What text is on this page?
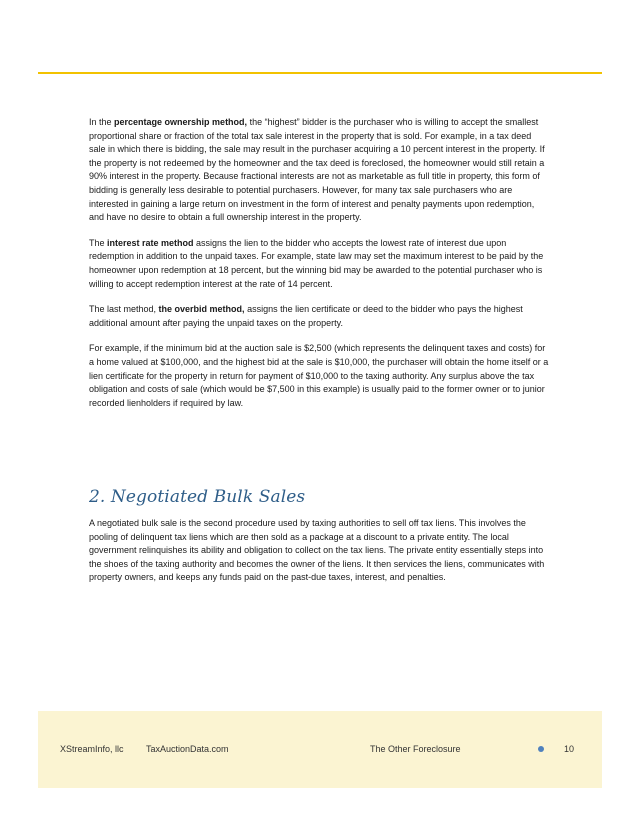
In the percentage ownership method, the “highest” bidder is the purchaser who is willing to accept the smallest proportional share or fraction of the total tax sale interest in the property that is sold. For example, in a tax deed sale in which there is bidding, the sale may result in the purchaser acquiring a 10 percent interest in the property. If the property is not redeemed by the homeowner and the tax deed is foreclosed, the homeowner would still retain a 90% interest in the property. Because fractional interests are not as marketable as full title in property, this form of bidding is generally less desirable to potential purchasers. However, for many tax sale purchasers who are interested in gaining a large return on investment in the form of interest and penalty payments upon redemption, and have no desire to obtain a full ownership interest in the property.

The interest rate method assigns the lien to the bidder who accepts the lowest rate of interest due upon redemption in addition to the unpaid taxes. For example, state law may set the maximum interest to be paid by the homeowner upon redemption at 18 percent, but the winning bid may be awarded to the potential purchaser who is willing to accept redemption interest at the rate of 14 percent.

The last method, the overbid method, assigns the lien certificate or deed to the bidder who pays the highest additional amount after paying the unpaid taxes on the property.

For example, if the minimum bid at the auction sale is $2,500 (which represents the delinquent taxes and costs) for a home valued at $100,000, and the highest bid at the sale is $10,000, the purchaser will obtain the home itself or a lien certificate for the property in return for payment of $10,000 to the taxing authority. Any surplus above the tax obligation and costs of sale (which would be $7,500 in this example) is usually paid to the former owner or to junior recorded lienholders if required by law.

2. Negotiated Bulk Sales

A negotiated bulk sale is the second procedure used by taxing authorities to sell off tax liens. This involves the pooling of delinquent tax liens which are then sold as a package at a discount to a private entity. The local government relinquishes its ability and obligation to collect on the tax liens. The private entity essentially steps into the shoes of the taxing authority and becomes the owner of the liens. It then services the liens, communicates with property owners, and keeps any funds paid on the past-due taxes, interest, and penalties.

XStreamInfo, llc TaxAuctionData.com	The Other Foreclosure	10
